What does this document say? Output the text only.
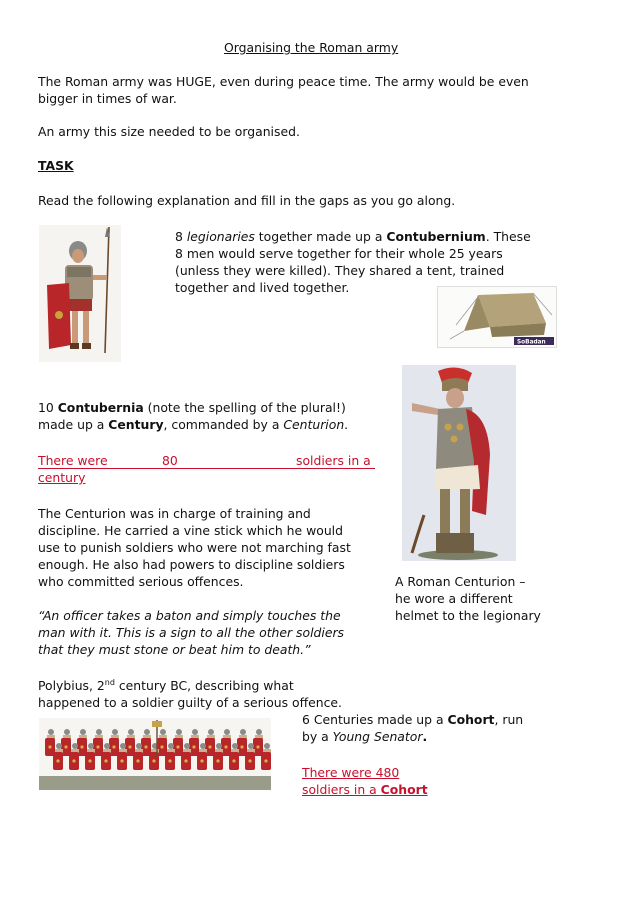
Organising the Roman army
The Roman army was HUGE, even during peace time. The army would be even
bigger in times of war.
An army this size needed to be organised.
TASK
Read the following explanation and fill in the gaps as you go along.
8 legionaries together made up a Contubernium. These
8 men would serve together for their whole 25 years
(unless they were killed). They shared a tent, trained
together and lived together.
SoBadan
10 Contubernia (note the spelling of the plural!)
made up a Century, commanded by a Centurion.
There were	80	soldiers in a
century
The Centurion was in charge of training and
discipline. He carried a vine stick which he would
use to punish soldiers who were not marching fast
enough. He also had powers to discipline soldiers
who committed serious offences.	A Roman Centurion –
he wore a different
helmet to the legionary
“An officer takes a baton and simply touches the
man with it. This is a sign to all the other soldiers
that they must stone or beat him to death.”
Polybius, 2nd century BC, describing what
happened to a soldier guilty of a serious offence.
6 Centuries made up a Cohort, run
by a Young Senator.
There were 480
soldiers in a Cohort
